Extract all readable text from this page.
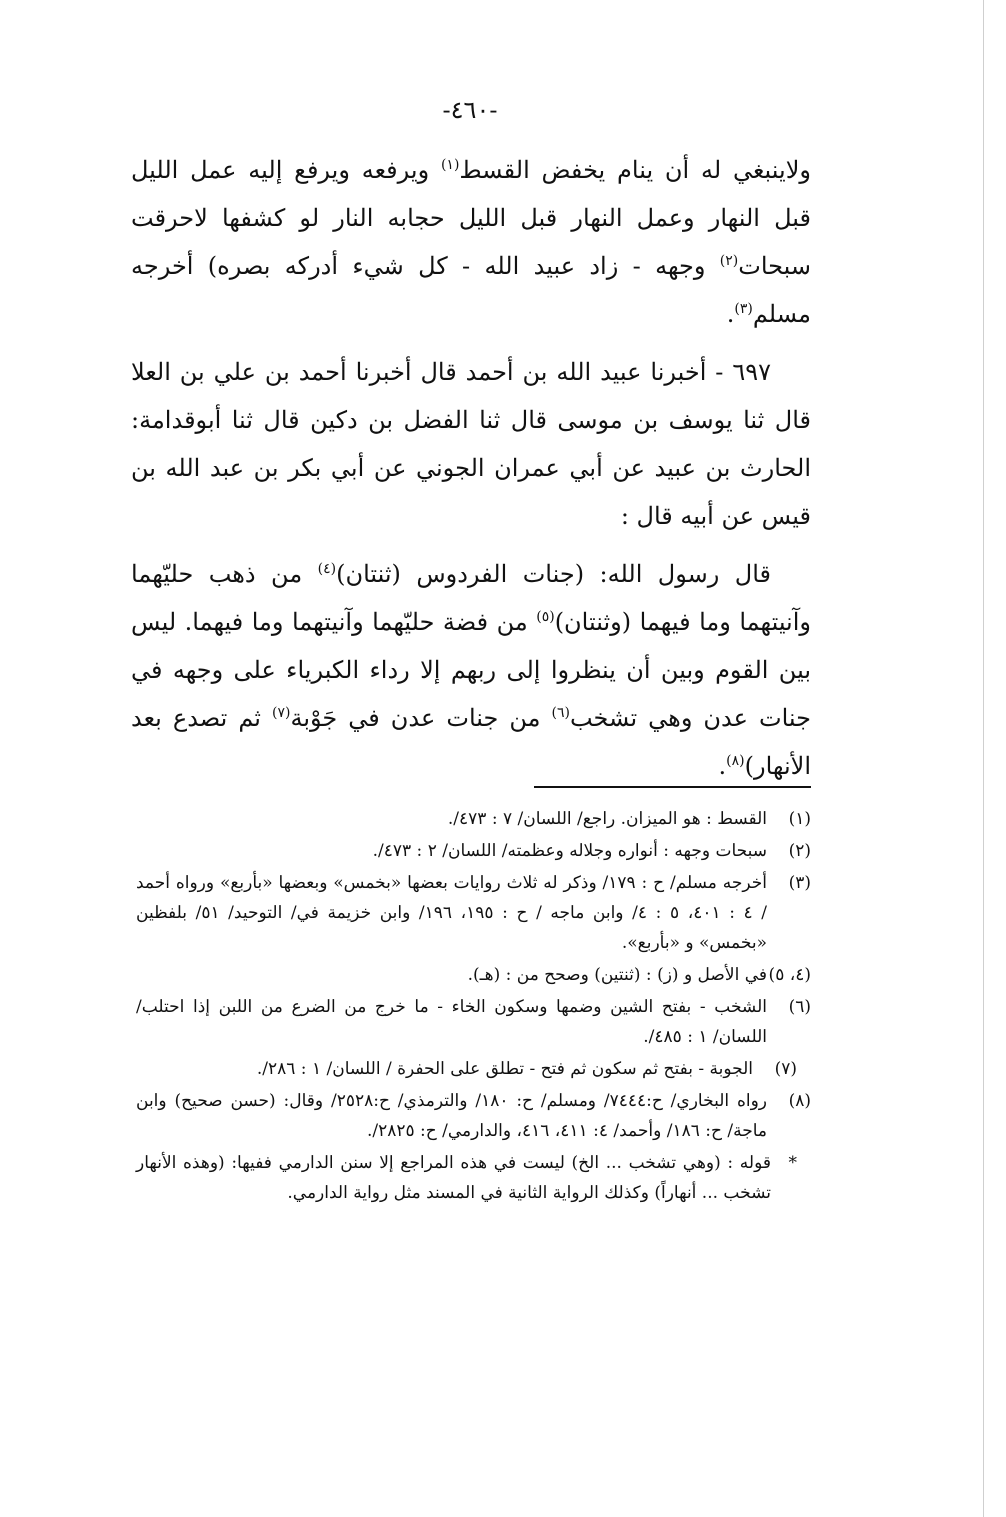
-٤٦٠-

ولاينبغي له أن ينام يخفض القسط$^{(١)}$ ويرفعه ويرفع إليه عمل الليل قبل النهار وعمل النهار قبل الليل حجابه النار لو كشفها لاحرقت سبحات$^{(٢)}$ وجهه - زاد عبيد الله - كل شيء أدركه بصره) أخرجه مسلم$^{(٣)}$.

٦٩٧ - أخبرنا عبيد الله بن أحمد قال أخبرنا أحمد بن علي بن العلا قال ثنا يوسف بن موسى قال ثنا الفضل بن دكين قال ثنا أبوقدامة: الحارث بن عبيد عن أبي عمران الجوني عن أبي بكر بن عبد الله بن قيس عن أبيه قال :

قال رسول الله: (جنات الفردوس (ثنتان)$^{(٤)}$ من ذهب حليّهما وآنيتهما وما فيهما (وثنتان)$^{(٥)}$ من فضة حليّهما وآنيتهما وما فيهما. ليس بين القوم وبين أن ينظروا إلى ربهم إلا رداء الكبرياء على وجهه في جنات عدن وهي تشخب$^{(٦)}$ من جنات عدن في جَوْبة$^{(٧)}$ ثم تصدع بعد الأنهار)$^{(٨)}$.

(١)
القسط : هو الميزان. راجع/ اللسان/ ٧ : ٤٧٣/.
(٢)
سبحات وجهه : أنواره وجلاله وعظمته/ اللسان/ ٢ : ٤٧٣/.
(٣)
أخرجه مسلم/ ح : ١٧٩/ وذكر له ثلاث روايات بعضها «بخمس» وبعضها «بأربع» ورواه أحمد / ٤ : ٤٠١، ٥ : ٤/ وابن ماجه / ح : ١٩٥، ١٩٦/ وابن خزيمة في/ التوحيد/ ٥١/ بلفظين «بخمس» و «بأربع».
(٤، ٥)
في الأصل و (ز) : (ثنتين) وصحح من : (هـ).
(٦)
الشخب - بفتح الشين وضمها وسكون الخاء - ما خرج من الضرع من اللبن إذا احتلب/ اللسان/ ١ : ٤٨٥/.
(٧)
الجوبة - بفتح ثم سكون ثم فتح - تطلق على الحفرة / اللسان/ ١ : ٢٨٦/.
(٨)
رواه البخاري/ ح:٧٤٤٤/ ومسلم/ ح: ١٨٠/ والترمذي/ ح:٢٥٢٨/ وقال: (حسن صحيح) وابن ماجة/ ح: ١٨٦/ وأحمد/ ٤: ٤١١، ٤١٦، والدارمي/ ح: ٢٨٢٥/.
*
قوله : (وهي تشخب ... الخ) ليست في هذه المراجع إلا سنن الدارمي ففيها: (وهذه الأنهار تشخب ... أنهاراً) وكذلك الرواية الثانية في المسند مثل رواية الدارمي.
